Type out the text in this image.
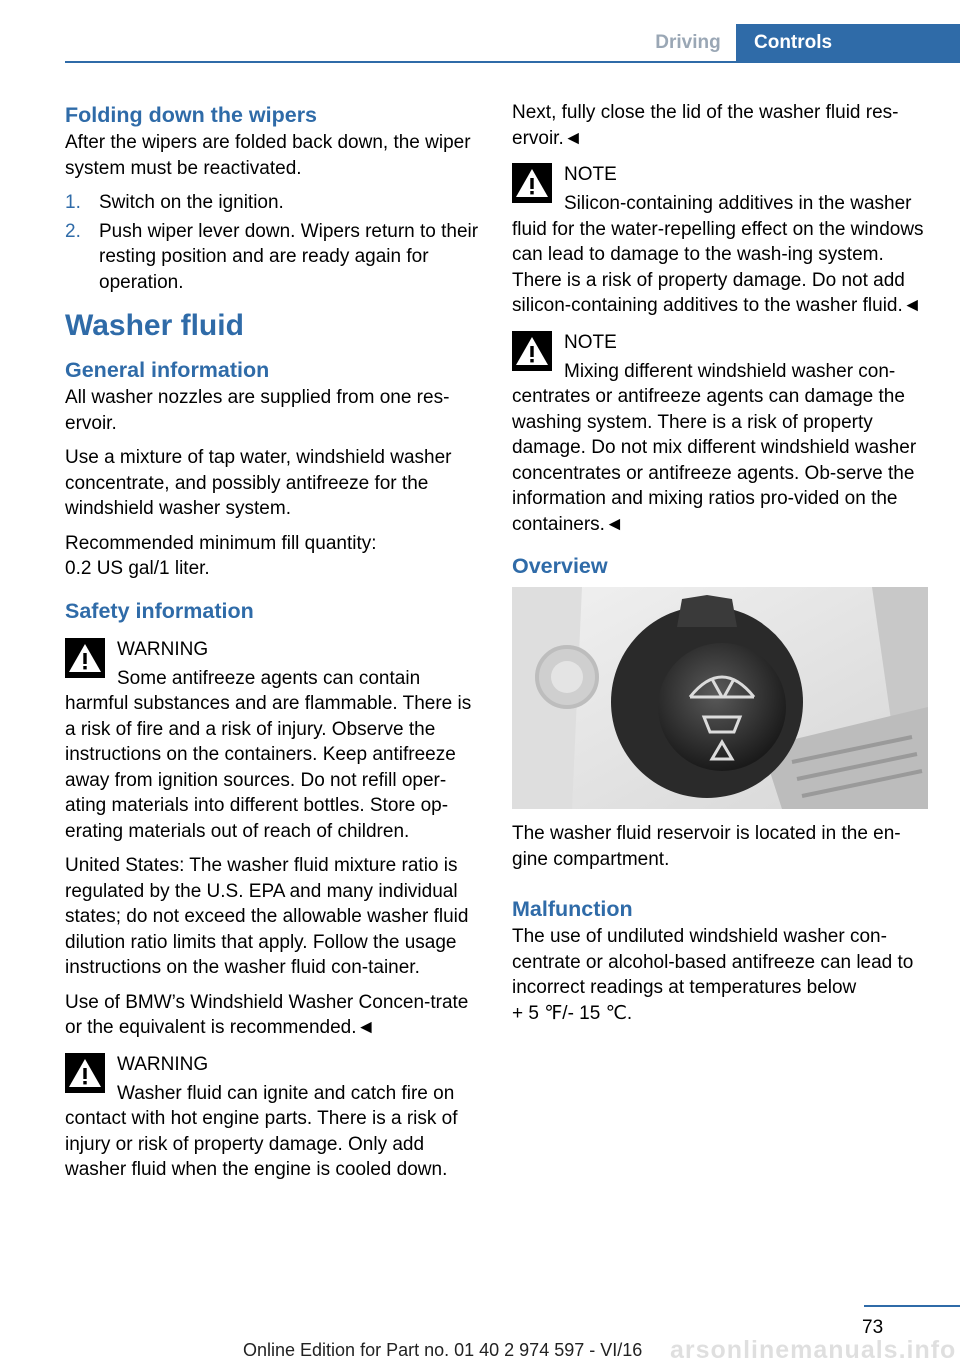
Driving	Controls
Folding down the wipers

After the wipers are folded back down, the wiper system must be reactivated.

1. Switch on the ignition.
2. Push wiper lever down. Wipers return to their resting position and are ready again for operation.
Washer fluid
General information

All washer nozzles are supplied from one res-ervoir.

Use a mixture of tap water, windshield washer concentrate, and possibly antifreeze for the windshield washer system.

Recommended minimum fill quantity:
0.2 US gal/1 liter.

Safety information
WARNING
Some antifreeze agents can contain harmful substances and are flammable. There is a risk of fire and a risk of injury. Observe the instructions on the containers. Keep antifreeze away from ignition sources. Do not refill oper-ating materials into different bottles. Store op-erating materials out of reach of children.

United States: The washer fluid mixture ratio is regulated by the U.S. EPA and many individual states; do not exceed the allowable washer fluid dilution ratio limits that apply. Follow the usage instructions on the washer fluid con-tainer.

Use of BMW’s Windshield Washer Concen-trate or the equivalent is recommended.◄

WARNING
Washer fluid can ignite and catch fire on contact with hot engine parts. There is a risk of injury or risk of property damage. Only add washer fluid when the engine is cooled down.

Next, fully close the lid of the washer fluid res-ervoir.◄

NOTE
Silicon-containing additives in the washer fluid for the water-repelling effect on the windows can lead to damage to the wash-ing system. There is a risk of property damage. Do not add silicon-containing additives to the washer fluid.◄
NOTE
Mixing different windshield washer con-centrates or antifreeze agents can damage the washing system. There is a risk of property damage. Do not mix different windshield washer concentrates or antifreeze agents. Ob-serve the information and mixing ratios pro-vided on the containers.◄
Overview

The washer fluid reservoir is located in the en-gine compartment.

Malfunction

The use of undiluted windshield washer con-centrate or alcohol-based antifreeze can lead to incorrect readings at temperatures below
+ 5 ℉/- 15 ℃.

73
Online Edition for Part no. 01 40 2 974 597 - VI/16 arsonlinemanuals.info
